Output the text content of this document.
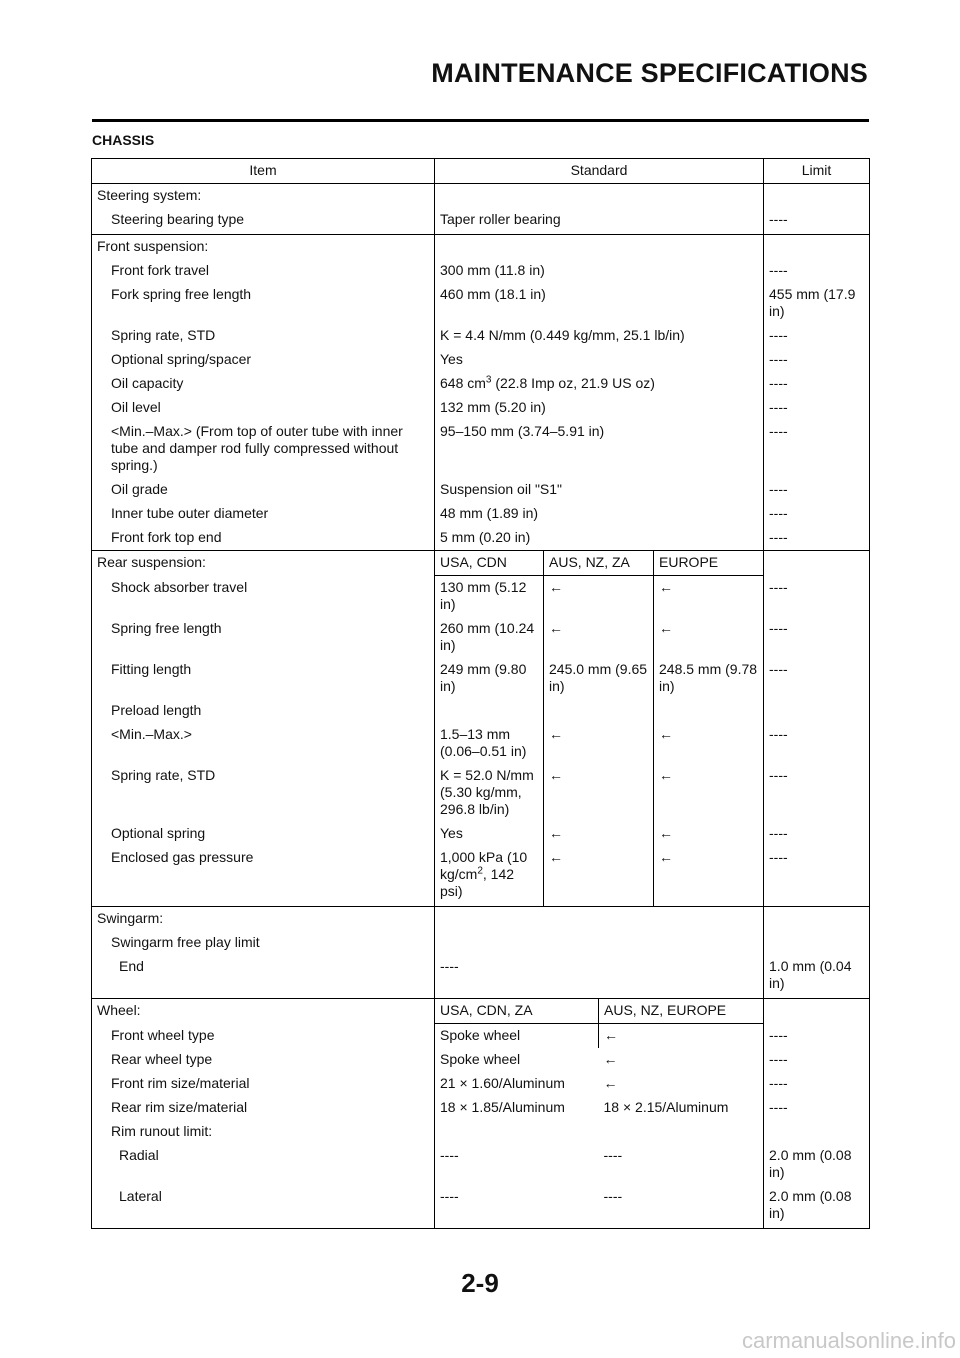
MAINTENANCE SPECIFICATIONS
CHASSIS
Item	Standard				Limit
Steering system:					
Steering bearing type	Taper roller bearing				----
Front suspension:					
Front fork travel	300 mm (11.8 in)				----
Fork spring free length	460 mm (18.1 in)				455 mm (17.9 in)
Spring rate, STD	K = 4.4 N/mm (0.449 kg/mm, 25.1 lb/in)				----
Optional spring/spacer	Yes				----
Oil capacity	648 $cm^3$ (22.8 Imp oz, 21.9 US oz)				----
Oil level	132 mm (5.20 in)				----
<Min.–Max.> (From top of outer tube with inner tube and damper rod fully compressed without spring.)	95–150 mm (3.74–5.91 in)				----
Oil grade	Suspension oil "S1"				----
Inner tube outer diameter	48 mm (1.89 in)				----
Front fork top end	5 mm (0.20 in)				----
Rear suspension:	USA, CDN	AUS, NZ, ZA		EUROPE	
Shock absorber travel	130 mm (5.12 in)	←		←	----
Spring free length	260 mm (10.24 in)	←		←	----
Fitting length	249 mm (9.80 in)	245.0 mm (9.65 in)		248.5 mm (9.78 in)	----
Preload length					
<Min.–Max.>	1.5–13 mm (0.06–0.51 in)	←		←	----
Spring rate, STD	K = 52.0 N/mm (5.30 kg/mm, 296.8 lb/in)	←		←	----
Optional spring	Yes	←		←	----
Enclosed gas pressure	1,000 kPa (10 $kg/cm^2$, 142 psi)	←		←	----
Swingarm:					
Swingarm free play limit					
End	----				1.0 mm (0.04 in)
Wheel:	USA, CDN, ZA		AUS, NZ, EUROPE		
Front wheel type	Spoke wheel		←		----
Rear wheel type	Spoke wheel		←		----
Front rim size/material	21 × 1.60/Aluminum		←		----
Rear rim size/material	18 × 1.85/Aluminum		18 × 2.15/Aluminum		----
Rim runout limit:					
Radial	----		----		2.0 mm (0.08 in)
Lateral	----		----		2.0 mm (0.08 in)
2-9
carmanualsonline.info
